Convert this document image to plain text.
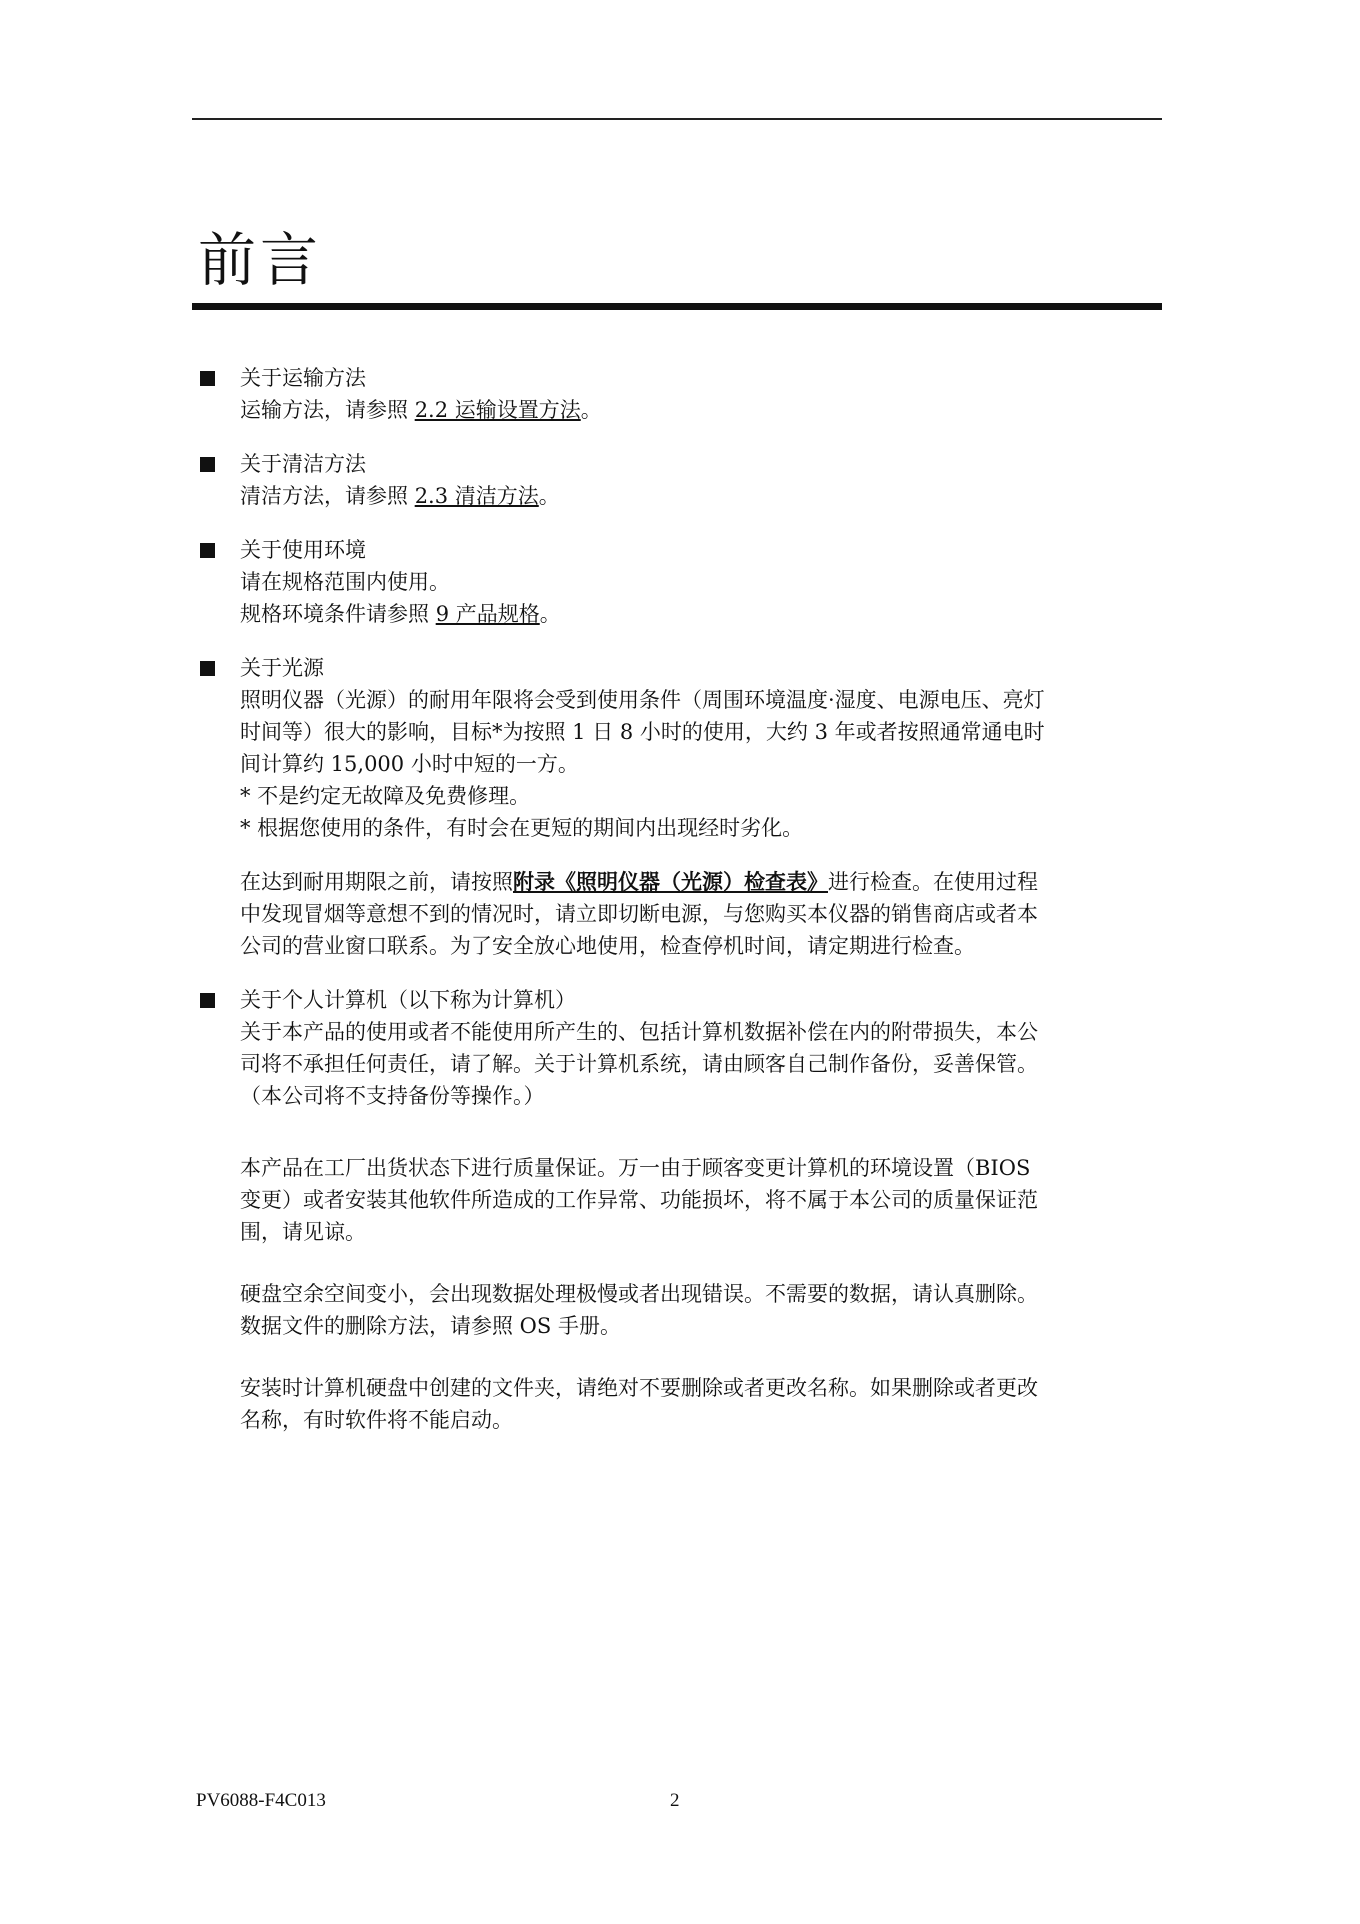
前言

关于运输方法

运输方法，请参照 2.2 运输设置方法。

关于清洁方法

清洁方法，请参照 2.3 清洁方法。

关于使用环境

请在规格范围内使用。

规格环境条件请参照 9 产品规格。

关于光源

照明仪器（光源）的耐用年限将会受到使用条件（周围环境温度·湿度、电源电压、亮灯

时间等）很大的影响，目标*为按照 1 日 8 小时的使用，大约 3 年或者按照通常通电时

间计算约 15,000 小时中短的一方。

* 不是约定无故障及免费修理。

* 根据您使用的条件，有时会在更短的期间内出现经时劣化。

在达到耐用期限之前，请按照附录《照明仪器（光源）检查表》进行检查。在使用过程

中发现冒烟等意想不到的情况时，请立即切断电源，与您购买本仪器的销售商店或者本

公司的营业窗口联系。为了安全放心地使用，检查停机时间，请定期进行检查。

关于个人计算机（以下称为计算机）

关于本产品的使用或者不能使用所产生的、包括计算机数据补偿在内的附带损失，本公

司将不承担任何责任，请了解。关于计算机系统，请由顾客自己制作备份，妥善保管。

（本公司将不支持备份等操作。）

本产品在工厂出货状态下进行质量保证。万一由于顾客变更计算机的环境设置（BIOS

变更）或者安装其他软件所造成的工作异常、功能损坏，将不属于本公司的质量保证范

围，请见谅。

硬盘空余空间变小，会出现数据处理极慢或者出现错误。不需要的数据，请认真删除。

数据文件的删除方法，请参照 OS 手册。

安装时计算机硬盘中创建的文件夹，请绝对不要删除或者更改名称。如果删除或者更改

名称，有时软件将不能启动。

PV6088-F4C013	2
